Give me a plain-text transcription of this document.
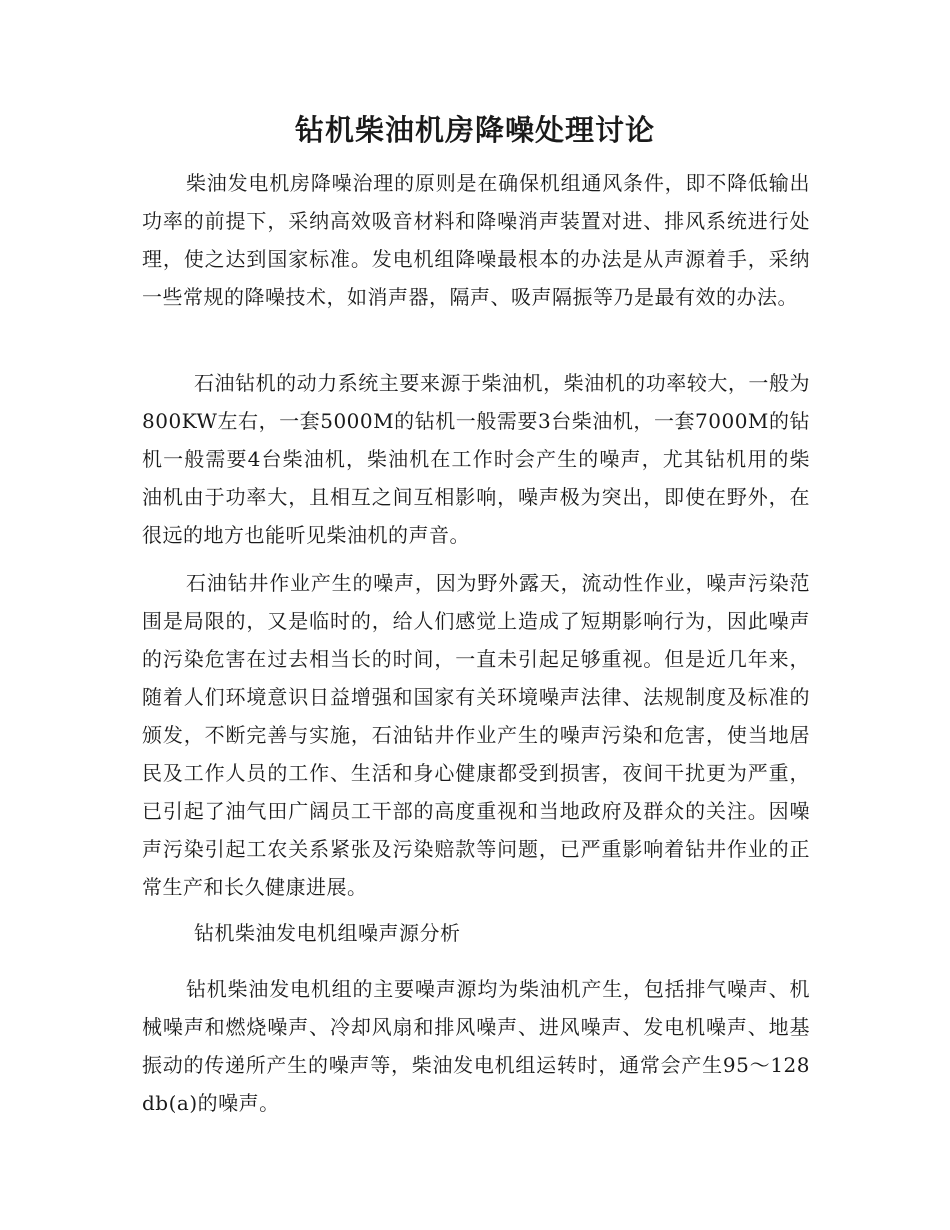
钻机柴油机房降噪处理讨论

柴油发电机房降噪治理的原则是在确保机组通风条件，即不降低输出功率的前提下，采纳高效吸音材料和降噪消声装置对进、排风系统进行处理，使之达到国家标准。发电机组降噪最根本的办法是从声源着手，采纳一些常规的降噪技术，如消声器，隔声、吸声隔振等乃是最有效的办法。

石油钻机的动力系统主要来源于柴油机，柴油机的功率较大，一般为800KW左右，一套5000M的钻机一般需要3台柴油机，一套7000M的钻机一般需要4台柴油机，柴油机在工作时会产生的噪声，尤其钻机用的柴油机由于功率大，且相互之间互相影响，噪声极为突出，即使在野外，在很远的地方也能听见柴油机的声音。

石油钻井作业产生的噪声，因为野外露天，流动性作业，噪声污染范围是局限的，又是临时的，给人们感觉上造成了短期影响行为，因此噪声的污染危害在过去相当长的时间，一直未引起足够重视。但是近几年来，随着人们环境意识日益增强和国家有关环境噪声法律、法规制度及标准的颁发，不断完善与实施，石油钻井作业产生的噪声污染和危害，使当地居民及工作人员的工作、生活和身心健康都受到损害，夜间干扰更为严重，已引起了油气田广阔员工干部的高度重视和当地政府及群众的关注。因噪声污染引起工农关系紧张及污染赔款等问题，已严重影响着钻井作业的正常生产和长久健康进展。

钻机柴油发电机组噪声源分析

钻机柴油发电机组的主要噪声源均为柴油机产生，包括排气噪声、机械噪声和燃烧噪声、冷却风扇和排风噪声、进风噪声、发电机噪声、地基振动的传递所产生的噪声等，柴油发电机组运转时，通常会产生95～128 db(a)的噪声。
